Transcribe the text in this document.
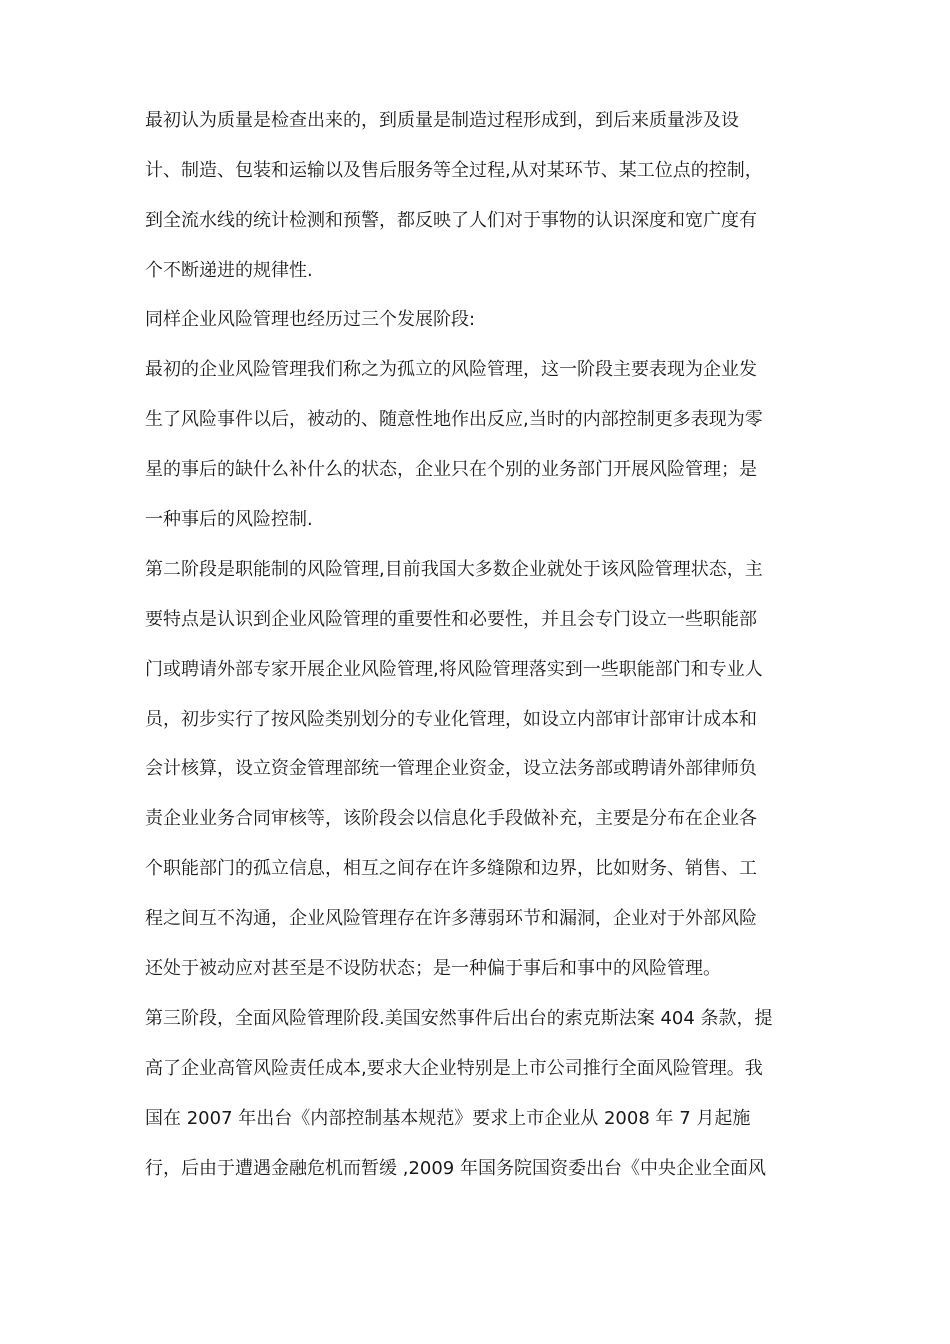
最初认为质量是检查出来的，到质量是制造过程形成到，到后来质量涉及设
计、制造、包装和运输以及售后服务等全过程,从对某环节、某工位点的控制，
到全流水线的统计检测和预警，都反映了人们对于事物的认识深度和宽广度有
个不断递进的规律性.
同样企业风险管理也经历过三个发展阶段:
最初的企业风险管理我们称之为孤立的风险管理，这一阶段主要表现为企业发
生了风险事件以后，被动的、随意性地作出反应,当时的内部控制更多表现为零
星的事后的缺什么补什么的状态，企业只在个别的业务部门开展风险管理；是
一种事后的风险控制.
第二阶段是职能制的风险管理,目前我国大多数企业就处于该风险管理状态，主
要特点是认识到企业风险管理的重要性和必要性，并且会专门设立一些职能部
门或聘请外部专家开展企业风险管理,将风险管理落实到一些职能部门和专业人
员，初步实行了按风险类别划分的专业化管理，如设立内部审计部审计成本和
会计核算，设立资金管理部统一管理企业资金，设立法务部或聘请外部律师负
责企业业务合同审核等，该阶段会以信息化手段做补充，主要是分布在企业各
个职能部门的孤立信息，相互之间存在许多缝隙和边界，比如财务、销售、工
程之间互不沟通，企业风险管理存在许多薄弱环节和漏洞，企业对于外部风险
还处于被动应对甚至是不设防状态；是一种偏于事后和事中的风险管理。
第三阶段，全面风险管理阶段.美国安然事件后出台的索克斯法案 404 条款，提
高了企业高管风险责任成本,要求大企业特别是上市公司推行全面风险管理。我
国在 2007 年出台《内部控制基本规范》要求上市企业从 2008 年 7 月起施
行，后由于遭遇金融危机而暂缓 ,2009 年国务院国资委出台《中央企业全面风
